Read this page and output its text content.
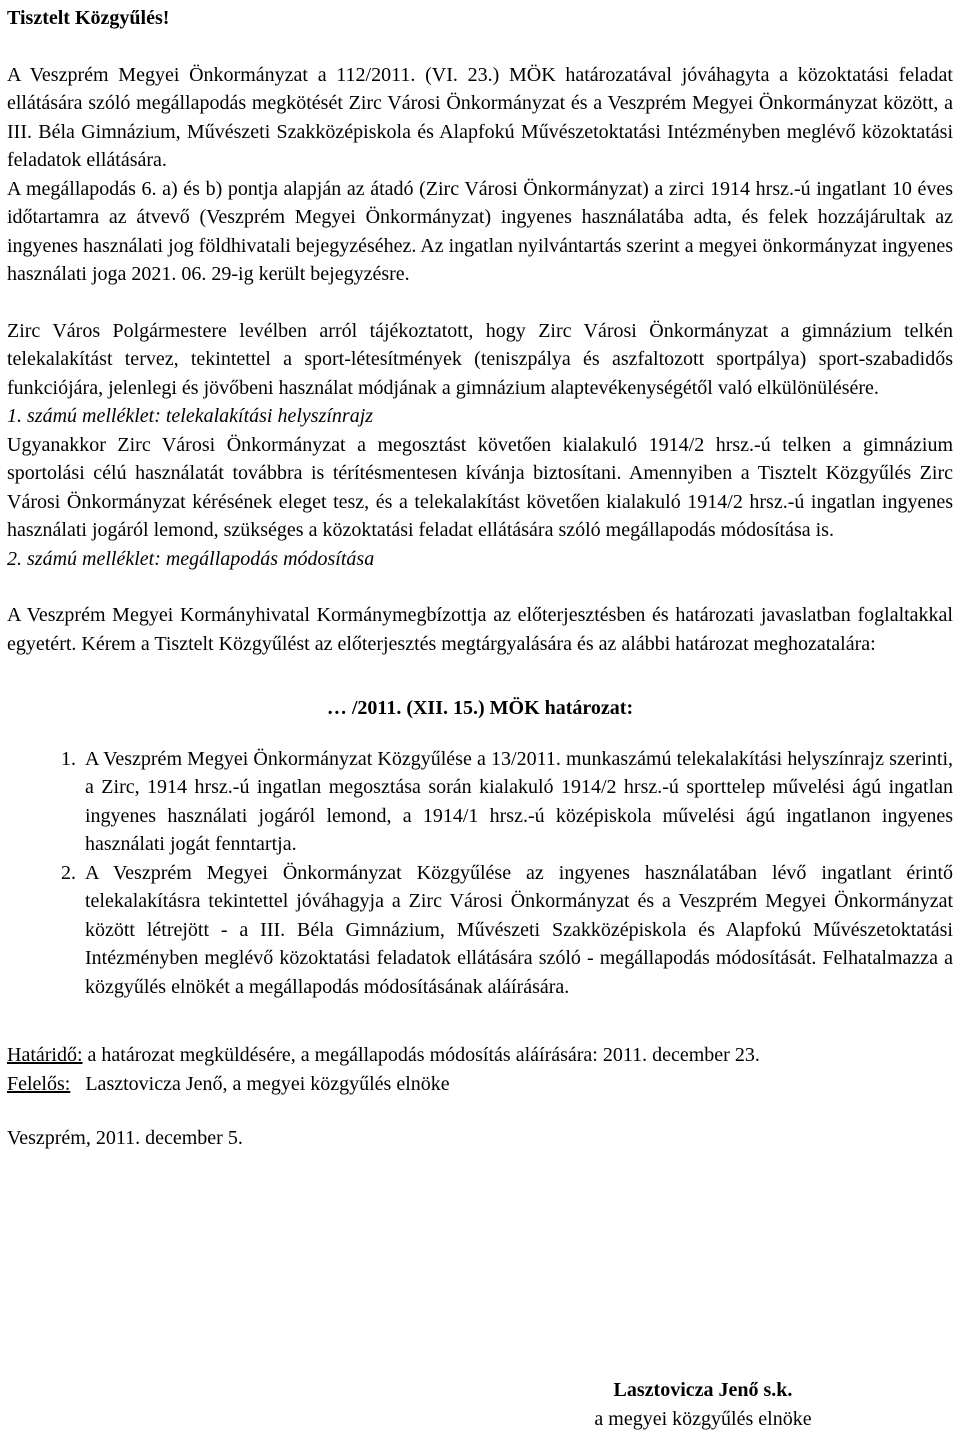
Tisztelt Közgyűlés!

A Veszprém Megyei Önkormányzat a 112/2011. (VI. 23.) MÖK határozatával jóváhagyta a közoktatási feladat ellátására szóló megállapodás megkötését Zirc Városi Önkormányzat és a Veszprém Megyei Önkormányzat között, a III. Béla Gimnázium, Művészeti Szakközépiskola és Alapfokú Művészetoktatási Intézményben meglévő közoktatási feladatok ellátására.

A megállapodás 6. a) és b) pontja alapján az átadó (Zirc Városi Önkormányzat) a zirci 1914 hrsz.-ú ingatlant 10 éves időtartamra az átvevő (Veszprém Megyei Önkormányzat) ingyenes használatába adta, és felek hozzájárultak az ingyenes használati jog földhivatali bejegyzéséhez. Az ingatlan nyilvántartás szerint a megyei önkormányzat ingyenes használati joga 2021. 06. 29-ig került bejegyzésre.

Zirc Város Polgármestere levélben arról tájékoztatott, hogy Zirc Városi Önkormányzat a gimnázium telkén telekalakítást tervez, tekintettel a sport-létesítmények (teniszpálya és aszfaltozott sportpálya) sport-szabadidős funkciójára, jelenlegi és jövőbeni használat módjának a gimnázium alaptevékenységétől való elkülönülésére.

1. számú melléklet: telekalakítási helyszínrajz

Ugyanakkor Zirc Városi Önkormányzat a megosztást követően kialakuló 1914/2 hrsz.-ú telken a gimnázium sportolási célú használatát továbbra is térítésmentesen kívánja biztosítani. Amennyiben a Tisztelt Közgyűlés Zirc Városi Önkormányzat kérésének eleget tesz, és a telekalakítást követően kialakuló 1914/2 hrsz.-ú ingatlan ingyenes használati jogáról lemond, szükséges a közoktatási feladat ellátására szóló megállapodás módosítása is.

2. számú melléklet: megállapodás módosítása

A Veszprém Megyei Kormányhivatal Kormánymegbízottja az előterjesztésben és határozati javaslatban foglaltakkal egyetért. Kérem a Tisztelt Közgyűlést az előterjesztés megtárgyalására és az alábbi határozat meghozatalára:

… /2011. (XII. 15.) MÖK határozat:

1. A Veszprém Megyei Önkormányzat Közgyűlése a 13/2011. munkaszámú telekalakítási helyszínrajz szerinti, a Zirc, 1914 hrsz.-ú ingatlan megosztása során kialakuló 1914/2 hrsz.-ú sporttelep művelési ágú ingatlan ingyenes használati jogáról lemond, a 1914/1 hrsz.-ú középiskola művelési ágú ingatlanon ingyenes használati jogát fenntartja.
2. A Veszprém Megyei Önkormányzat Közgyűlése az ingyenes használatában lévő ingatlant érintő telekalakításra tekintettel jóváhagyja a Zirc Városi Önkormányzat és a Veszprém Megyei Önkormányzat között létrejött - a III. Béla Gimnázium, Művészeti Szakközépiskola és Alapfokú Művészetoktatási Intézményben meglévő közoktatási feladatok ellátására szóló - megállapodás módosítását. Felhatalmazza a közgyűlés elnökét a megállapodás módosításának aláírására.

Határidő: a határozat megküldésére, a megállapodás módosítás aláírására: 2011. december 23.

Felelős:   Lasztovicza Jenő, a megyei közgyűlés elnöke

Veszprém, 2011. december 5.

Lasztovicza Jenő s.k.
a megyei közgyűlés elnöke
